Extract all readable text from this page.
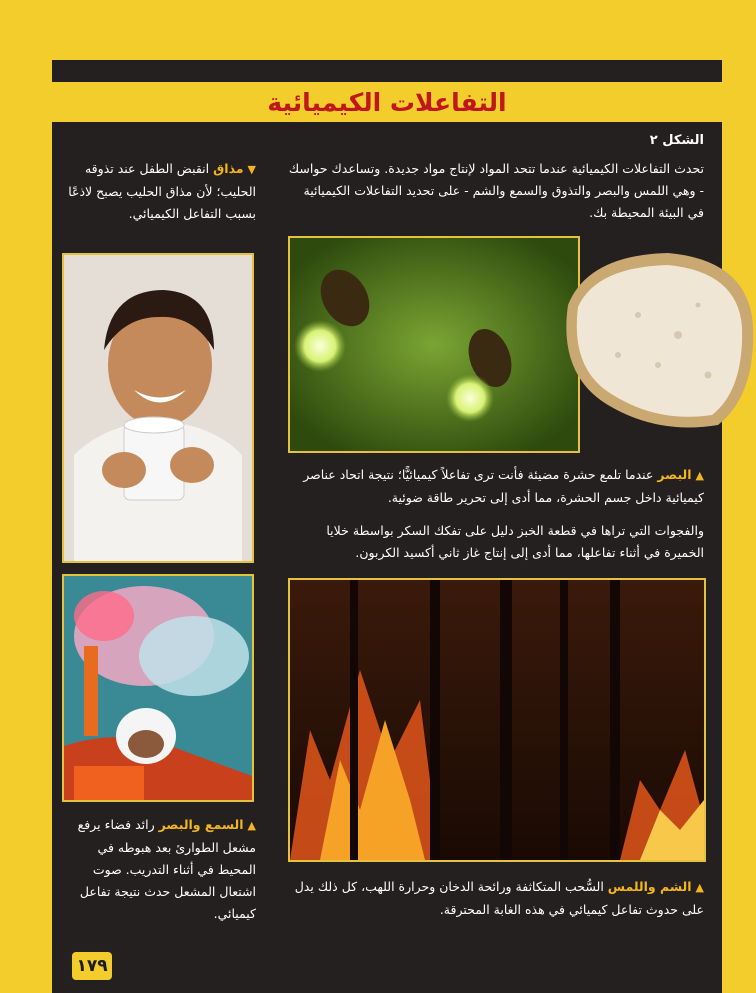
التفاعلات الكيميائية
الشكل ٢
تحدث التفاعلات الكيميائية عندما تتحد المواد لإنتاج مواد جديدة. وتساعدك حواسك - وهي اللمس والبصر والتذوق والسمع والشم - على تحديد التفاعلات الكيميائية في البيئة المحيطة بك.
▼ مذاق انقبض الطفل عند تذوقه الحليب؛ لأن مذاق الحليب يصبح لاذعًا بسبب التفاعل الكيميائي.
▲ البصر عندما تلمع حشرة مضيئة فأنت ترى تفاعلاً كيميائيًّا؛ نتيجة اتحاد عناصر كيميائية داخل جسم الحشرة، مما أدى إلى تحرير طاقة ضوئية.
والفجوات التي تراها في قطعة الخبز دليل على تفكك السكر بواسطة خلايا الخميرة في أثناء تفاعلها، مما أدى إلى إنتاج غاز ثاني أكسيد الكربون.
▲ السمع والبصر رائد فضاء يرفع مشعل الطوارئ بعد هبوطه في المحيط في أثناء التدريب. صوت اشتعال المشعل حدث نتيجة تفاعل كيميائي.
▲ الشم واللمس السُّحب المتكاثفة ورائحة الدخان وحرارة اللهب، كل ذلك يدل على حدوث تفاعل كيميائي في هذه الغابة المحترقة.
١٧٩
